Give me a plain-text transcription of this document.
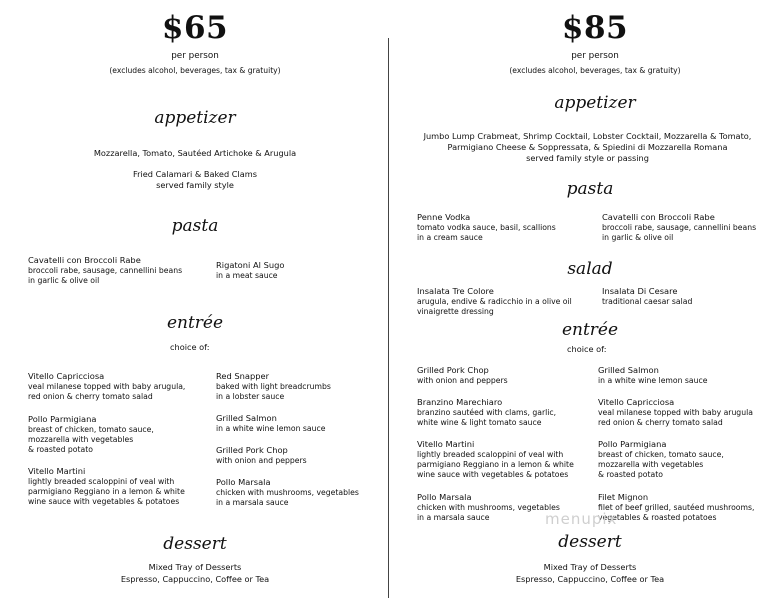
$65
per person
(excludes alcohol, beverages, tax & gratuity)
appetizer
Mozzarella, Tomato, Sautéed Artichoke & Arugula
Fried Calamari & Baked Clams
served family style
pasta
Cavatelli con Broccoli Rabe
broccoli rabe, sausage, cannellini beans
in garlic & olive oil
Rigatoni Al Sugo
in a meat sauce
entrée
choice of:
Vitello Capricciosa
veal milanese topped with baby arugula,
red onion & cherry tomato salad
Pollo Parmigiana
breast of chicken, tomato sauce,
mozzarella with vegetables
& roasted potato
Vitello Martini
lightly breaded scaloppini of veal with
parmigiano Reggiano in a lemon & white
wine sauce with vegetables & potatoes
Red Snapper
baked with light breadcrumbs
in a lobster sauce
Grilled Salmon
in a white wine lemon sauce
Grilled Pork Chop
with onion and peppers
Pollo Marsala
chicken with mushrooms, vegetables
in a marsala sauce
dessert
Mixed Tray of Desserts
Espresso, Cappuccino, Coffee or Tea
$85
per person
(excludes alcohol, beverages, tax & gratuity)
appetizer
Jumbo Lump Crabmeat, Shrimp Cocktail, Lobster Cocktail, Mozzarella & Tomato,
Parmigiano Cheese & Soppressata, & Spiedini di Mozzarella Romana
served family style or passing
pasta
Penne Vodka
tomato vodka sauce, basil, scallions
in a cream sauce
Cavatelli con Broccoli Rabe
broccoli rabe, sausage, cannellini beans
in garlic & olive oil
salad
Insalata Tre Colore
arugula, endive & radicchio in a olive oil
vinaigrette dressing
Insalata Di Cesare
traditional caesar salad
entrée
choice of:
Grilled Pork Chop
with onion and peppers
Branzino Marechiaro
branzino sautéed with clams, garlic,
white wine & light tomato sauce
Vitello Martini
lightly breaded scaloppini of veal with
parmigiano Reggiano in a lemon & white
wine sauce with vegetables & potatoes
Pollo Marsala
chicken with mushrooms, vegetables
in a marsala sauce
Grilled Salmon
in a white wine lemon sauce
Vitello Capricciosa
veal milanese topped with baby arugula
red onion & cherry tomato salad
Pollo Parmigiana
breast of chicken, tomato sauce,
mozzarella with vegetables
& roasted potato
Filet Mignon
filet of beef grilled, sautéed mushrooms,
vegetables & roasted potatoes
dessert
Mixed Tray of Desserts
Espresso, Cappuccino, Coffee or Tea
menupix
